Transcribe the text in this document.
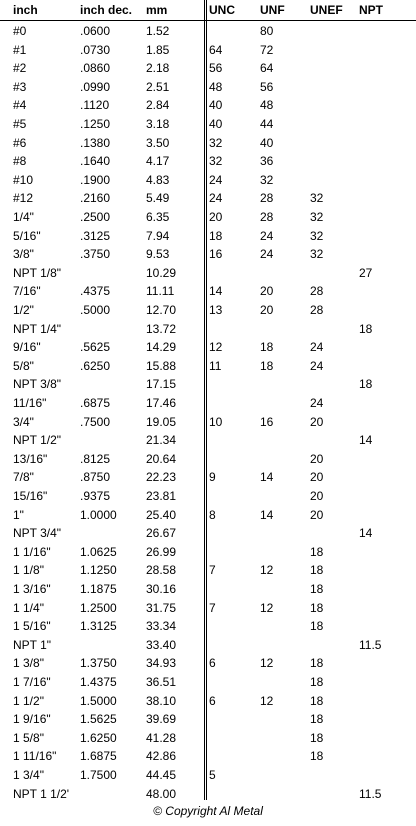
inch	inch dec. mm	UNC UNF UNEF NPT
#0	.0600	1.52	80
#1	.0730	1.85	64	72
#2	.0860	2.18	56	64
#3	.0990	2.51	48	56
#4	.1120	2.84	40	48
#5	.1250	3.18	40	44
#6	.1380	3.50	32	40
#8	.1640	4.17	32	36
#10	.1900	4.83	24	32
#12	.2160	5.49	24	28	32
1/4"	.2500	6.35	20	28	32
5/16"	.3125	7.94	18	24	32
3/8"	.3750	9.53	16	24	32
NPT 1/8"	10.29	27
7/16"	.4375	11.11	14	20	28
1/2"	.5000	12.70	13	20	28
NPT 1/4"	13.72	18
9/16"	.5625	14.29	12	18	24
5/8"	.6250	15.88	11	18	24
NPT 3/8"	17.15	18
11/16"	.6875	17.46	24
3/4"	.7500	19.05	10	16	20
NPT 1/2"	21.34	14
13/16"	.8125	20.64	20
7/8"	.8750	22.23	9	14	20
15/16"	.9375	23.81	20
1"	1.0000 25.40	8	14	20
NPT 3/4"	26.67	14
1 1/16" 1.0625 26.99	18
1 1/8"	1.1250 28.58	7	12	18
1 3/16" 1.1875 30.16	18
1 1/4"	1.2500 31.75	7	12	18
1 5/16" 1.3125 33.34	18
NPT 1"	33.40	11.5
1 3/8"	1.3750 34.93	6	12	18
1 7/16" 1.4375 36.51	18
1 1/2"	1.5000 38.10	6	12	18
1 9/16" 1.5625 39.69	18
1 5/8"	1.6250 41.28	18
1 11/16" 1.6875 42.86	18
1 3/4"	1.7500 44.45	5
NPT 1 1/2'	48.00	11.5
© Copyright Al Metal
